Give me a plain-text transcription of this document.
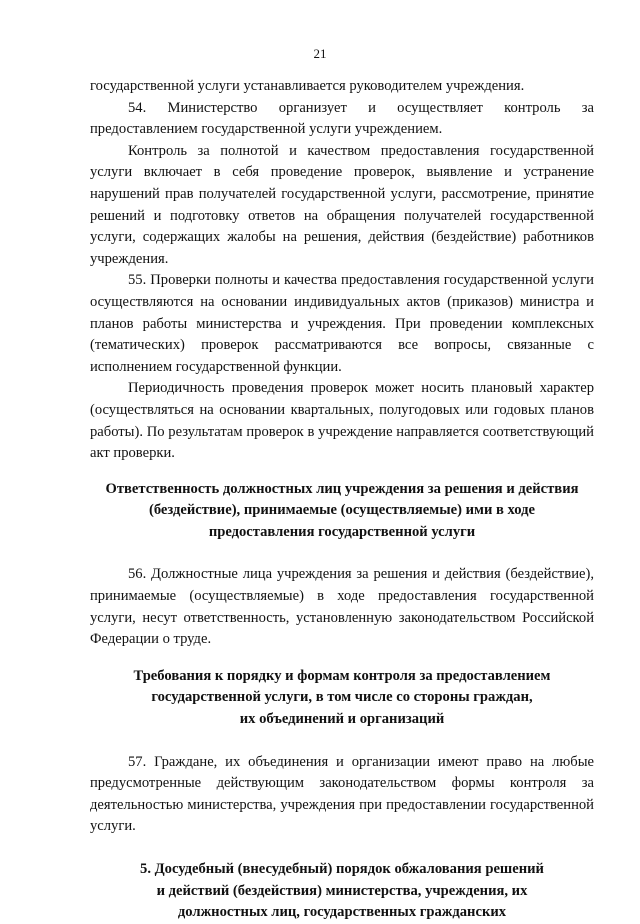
21

государственной услуги устанавливается руководителем учреждения.

54. Министерство организует и осуществляет контроль за предоставлением государственной услуги учреждением.

Контроль за полнотой и качеством предоставления государственной услуги включает в себя проведение проверок, выявление и устранение нарушений прав получателей государственной услуги, рассмотрение, принятие решений и подготовку ответов на обращения получателей государственной услуги, содержащих жалобы на решения, действия (бездействие) работников учреждения.

55. Проверки полноты и качества предоставления государственной услуги осуществляются на основании индивидуальных актов (приказов) министра и планов работы министерства и учреждения. При проведении комплексных (тематических) проверок рассматриваются все вопросы, связанные с исполнением государственной функции.

Периодичность проведения проверок может носить плановый характер (осуществляться на основании квартальных, полугодовых или годовых планов работы). По результатам проверок в учреждение направляется соответствующий акт проверки.

Ответственность должностных лиц учреждения за решения и действия
(бездействие), принимаемые (осуществляемые) ими в ходе
предоставления государственной услуги

56. Должностные лица учреждения за решения и действия (бездействие), принимаемые (осуществляемые) в ходе предоставления государственной услуги, несут ответственность, установленную законодательством Российской Федерации о труде.

Требования к порядку и формам контроля за предоставлением
государственной услуги, в том числе со стороны граждан,
их объединений и организаций

57. Граждане, их объединения и организации имеют право на любые предусмотренные действующим законодательством формы контроля за деятельностью министерства, учреждения при предоставлении государственной услуги.

5. Досудебный (внесудебный) порядок обжалования решений
и действий (бездействия) министерства, учреждения, их
должностных лиц, государственных гражданских
